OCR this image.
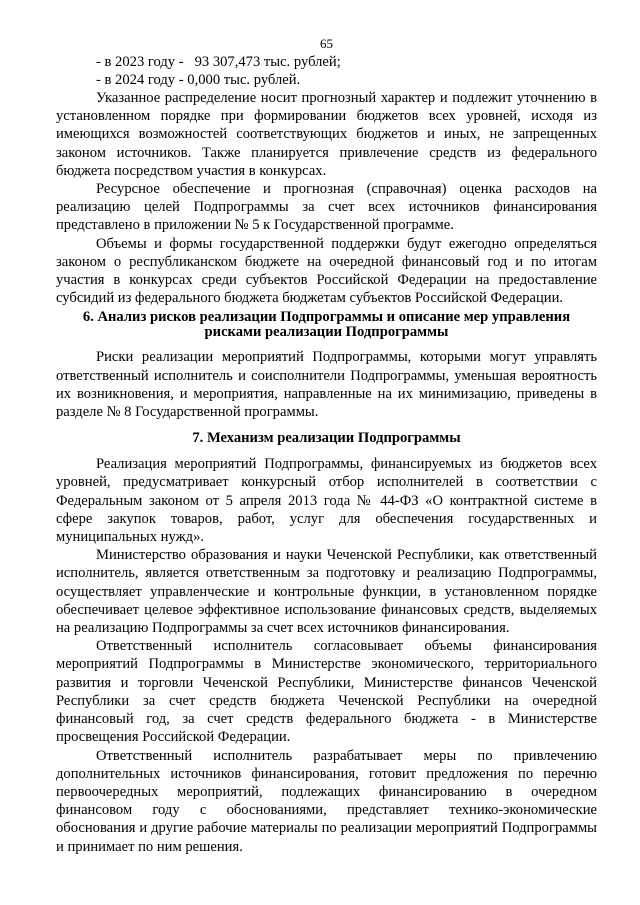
65
- в 2023 году - 93 307,473 тыс. рублей;
- в 2024 году - 0,000 тыс. рублей.

Указанное распределение носит прогнозный характер и подлежит уточнению в установленном порядке при формировании бюджетов всех уровней, исходя из имеющихся возможностей соответствующих бюджетов и иных, не запрещенных законом источников. Также планируется привлечение средств из федерального бюджета посредством участия в конкурсах.

Ресурсное обеспечение и прогнозная (справочная) оценка расходов на реализацию целей Подпрограммы за счет всех источников финансирования представлено в приложении № 5 к Государственной программе.

Объемы и формы государственной поддержки будут ежегодно определяться законом о республиканском бюджете на очередной финансовый год и по итогам участия в конкурсах среди субъектов Российской Федерации на предоставление субсидий из федерального бюджета бюджетам субъектов Российской Федерации.

6. Анализ рисков реализации Подпрограммы и описание мер управления
рисками реализации Подпрограммы

Риски реализации мероприятий Подпрограммы, которыми могут управлять ответственный исполнитель и соисполнители Подпрограммы, уменьшая вероятность их возникновения, и мероприятия, направленные на их минимизацию, приведены в разделе № 8 Государственной программы.

7. Механизм реализации Подпрограммы

Реализация мероприятий Подпрограммы, финансируемых из бюджетов всех уровней, предусматривает конкурсный отбор исполнителей в соответствии с Федеральным законом от 5 апреля 2013 года № 44-ФЗ «О контрактной системе в сфере закупок товаров, работ, услуг для обеспечения государственных и муниципальных нужд».

Министерство образования и науки Чеченской Республики, как ответственный исполнитель, является ответственным за подготовку и реализацию Подпрограммы, осуществляет управленческие и контрольные функции, в установленном порядке обеспечивает целевое эффективное использование финансовых средств, выделяемых на реализацию Подпрограммы за счет всех источников финансирования.

Ответственный исполнитель согласовывает объемы финансирования мероприятий Подпрограммы в Министерстве экономического, территориального развития и торговли Чеченской Республики, Министерстве финансов Чеченской Республики за счет средств бюджета Чеченской Республики на очередной финансовый год, за счет средств федерального бюджета - в Министерстве просвещения Российской Федерации.

Ответственный исполнитель разрабатывает меры по привлечению дополнительных источников финансирования, готовит предложения по перечню первоочередных мероприятий, подлежащих финансированию в очередном финансовом году с обоснованиями, представляет технико-экономические обоснования и другие рабочие материалы по реализации мероприятий Подпрограммы и принимает по ним решения.
